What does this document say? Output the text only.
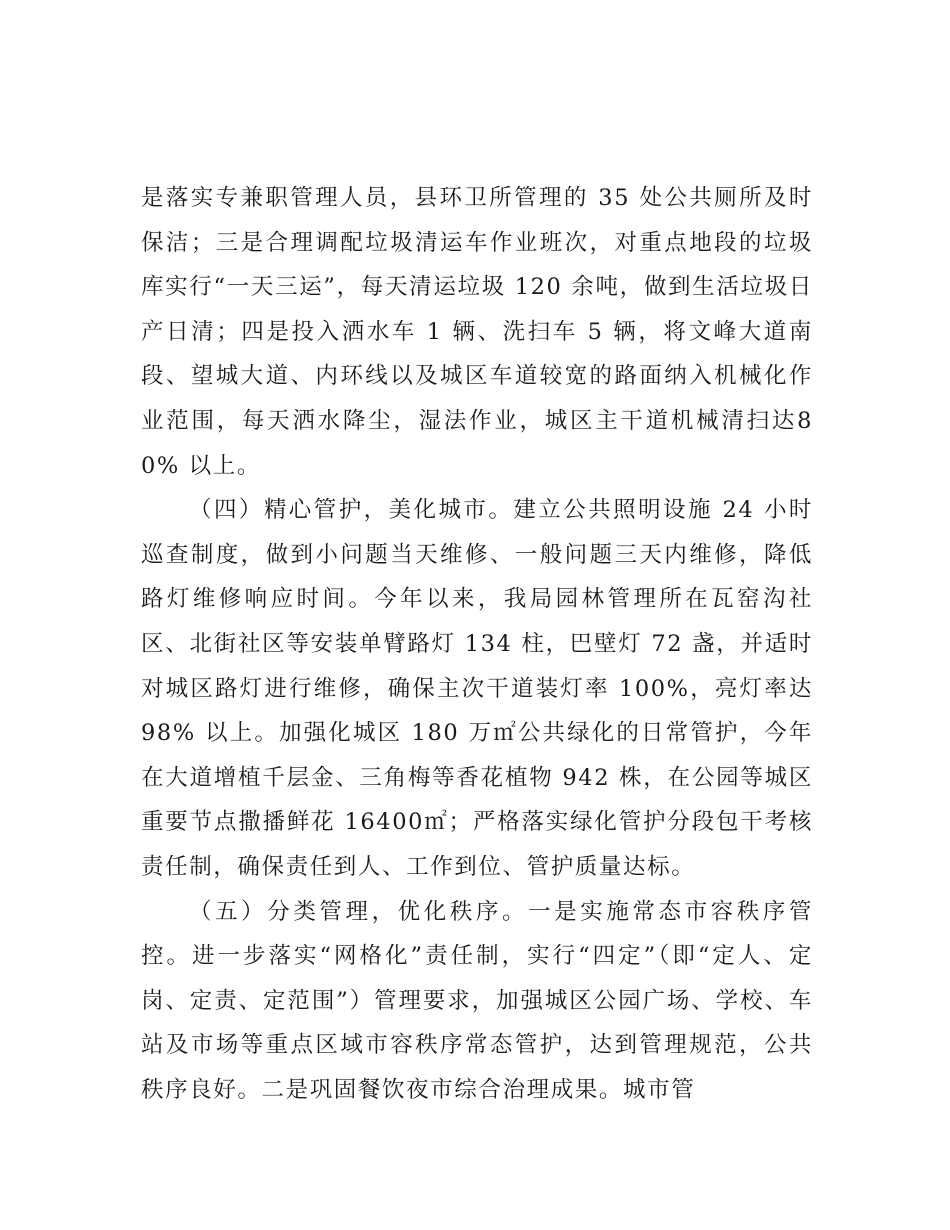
是落实专兼职管理人员，县环卫所管理的 35 处公共厕所及时保洁；三是合理调配垃圾清运车作业班次，对重点地段的垃圾库实行“一天三运”，每天清运垃圾 120 余吨，做到生活垃圾日产日清；四是投入洒水车 1 辆、洗扫车 5 辆，将文峰大道南段、望城大道、内环线以及城区车道较宽的路面纳入机械化作业范围，每天洒水降尘，湿法作业，城区主干道机械清扫达80% 以上。

（四）精心管护，美化城市。建立公共照明设施 24 小时巡查制度，做到小问题当天维修、一般问题三天内维修，降低路灯维修响应时间。今年以来，我局园林管理所在瓦窑沟社区、北街社区等安装单臂路灯 134 柱，巴壁灯 72 盏，并适时对城区路灯进行维修，确保主次干道装灯率 100%，亮灯率达98% 以上。加强化城区 180 万㎡公共绿化的日常管护，今年在大道增植千层金、三角梅等香花植物 942 株，在公园等城区重要节点撒播鲜花 16400㎡；严格落实绿化管护分段包干考核责任制，确保责任到人、工作到位、管护质量达标。

（五）分类管理，优化秩序。一是实施常态市容秩序管控。进一步落实“网格化”责任制，实行“四定”（即“定人、定岗、定责、定范围”）管理要求，加强城区公园广场、学校、车站及市场等重点区域市容秩序常态管护，达到管理规范，公共秩序良好。二是巩固餐饮夜市综合治理成果。城市管
